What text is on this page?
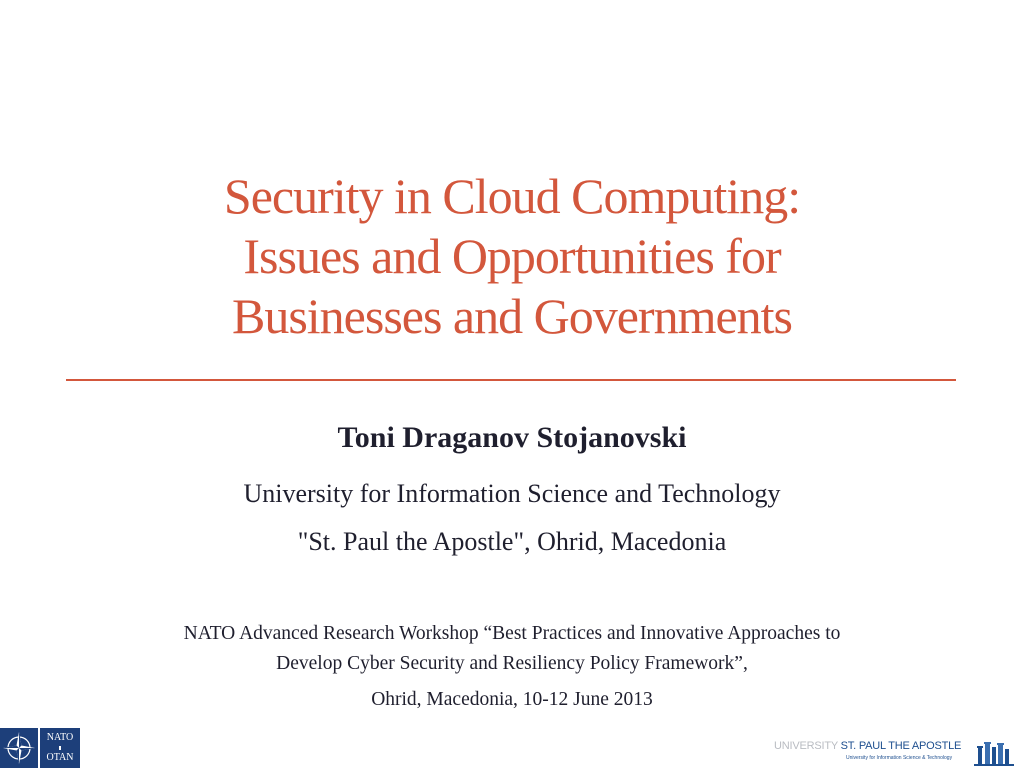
Security in Cloud Computing:
Issues and Opportunities for
Businesses and Governments
Toni Draganov Stojanovski
University for Information Science and Technology
"St. Paul the Apostle", Ohrid, Macedonia
NATO Advanced Research Workshop “Best Practices and Innovative Approaches to
Develop Cyber Security and Resiliency Policy Framework”,
Ohrid, Macedonia, 10-12 June 2013
NATO
OTAN
UNIVERSITY ST. PAUL THE APOSTLE
University for Information Science & Technology
